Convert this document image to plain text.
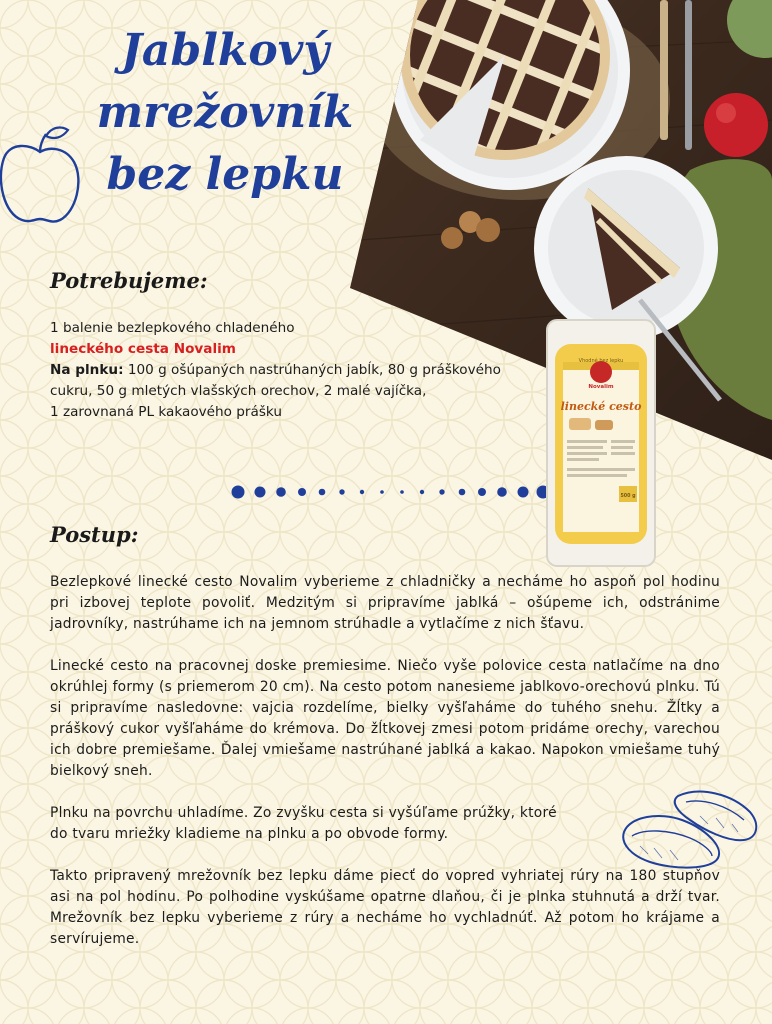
Jablkový
mrežovník
bez lepku
Potrebujeme:
1 balenie bezlepkového chladeného
lineckého cesta Novalim
Na plnku: 100 g ošúpaných nastrúhaných jabĺk, 80 g práškového
cukru, 50 g mletých vlašských orechov, 2 malé vajíčka,
1 zarovnaná PL kakaového prášku
Novalim
Vhodné bez lepku
linecké cesto
500 g
Postup:

Bezlepkové linecké cesto Novalim vyberieme z chladničky a necháme ho aspoň pol hodinu pri izbovej teplote povoliť. Medzitým si pripravíme jablká – ošúpeme ich, odstránime jadrovníky, nastrúhame ich na jemnom strúhadle a vytlačíme z nich šťavu.

Linecké cesto na pracovnej doske premiesime. Niečo vyše polovice cesta natlačíme na dno okrúhlej formy (s priemerom 20 cm). Na cesto potom nanesieme jablkovo-orechovú plnku. Tú si pripravíme nasledovne: vajcia rozdelíme, bielky vyšľaháme do tuhého snehu. Žĺtky a práškový cukor vyšľaháme do krémova. Do žĺtkovej zmesi potom pridáme orechy, varechou ich dobre premiešame. Ďalej vmiešame nastrúhané jablká a kakao. Napokon vmiešame tuhý bielkový sneh.

Plnku na povrchu uhladíme. Zo zvyšku cesta si vyšúľame prúžky, ktoré do tvaru mriežky kladieme na plnku a po obvode formy.

Takto pripravený mrežovník bez lepku dáme piecť do vopred vyhriatej rúry na 180 stupňov asi na pol hodinu. Po polhodine vyskúšame opatrne dlaňou, či je plnka stuhnutá a drží tvar. Mrežovník bez lepku vyberieme z rúry a necháme ho vychladnúť. Až potom ho krájame a servírujeme.
